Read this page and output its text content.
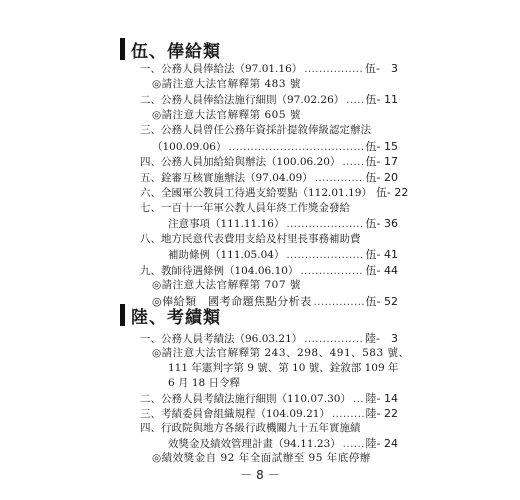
伍、俸給類
一、公務人員俸給法（97.01.16） .....	伍-　3
◎請注意大法官解釋第 483 號
二、公務人員俸給法施行細則（97.02.26） ..... 伍- 11
◎請注意大法官解釋第 605 號
三、公務人員曾任公務年資採計提敘俸級認定辦法
（100.09.06） .....	伍- 15
四、公務人員加給給與辦法（100.06.20） ..... 伍- 17
五、銓審互核實施辦法（97.04.09） .....	伍- 20
六、全國軍公教員工待遇支給要點（112.01.19） 伍- 22
七、一百十一年軍公教人員年終工作獎金發給
注意事項（111.11.16） .....	伍- 36
八、地方民意代表費用支給及村里長事務補助費
補助條例（111.05.04） .....	伍- 41
九、教師待遇條例（104.06.10） .....	伍- 44
◎請注意大法官解釋第 707 號
◎俸給類　國考命題焦點分析表 .....	伍- 52
陸、考績類
一、公務人員考績法（96.03.21） .....	陸-　3
◎請注意大法官解釋第 243、298、491、583 號、
111 年憲判字第 9 號、第 10 號、銓敘部 109 年
6 月 18 日令釋
二、公務人員考績法施行細則（110.07.30） ..... 陸- 14
三、考績委員會組織規程（104.09.21） .....	陸- 22
四、行政院與地方各級行政機關九十五年實施績
效獎金及績效管理計畫（94.11.23） ..... 陸- 24
◎績效獎金自 92 年全面試辦至 95 年底停辦
－ 8 －
